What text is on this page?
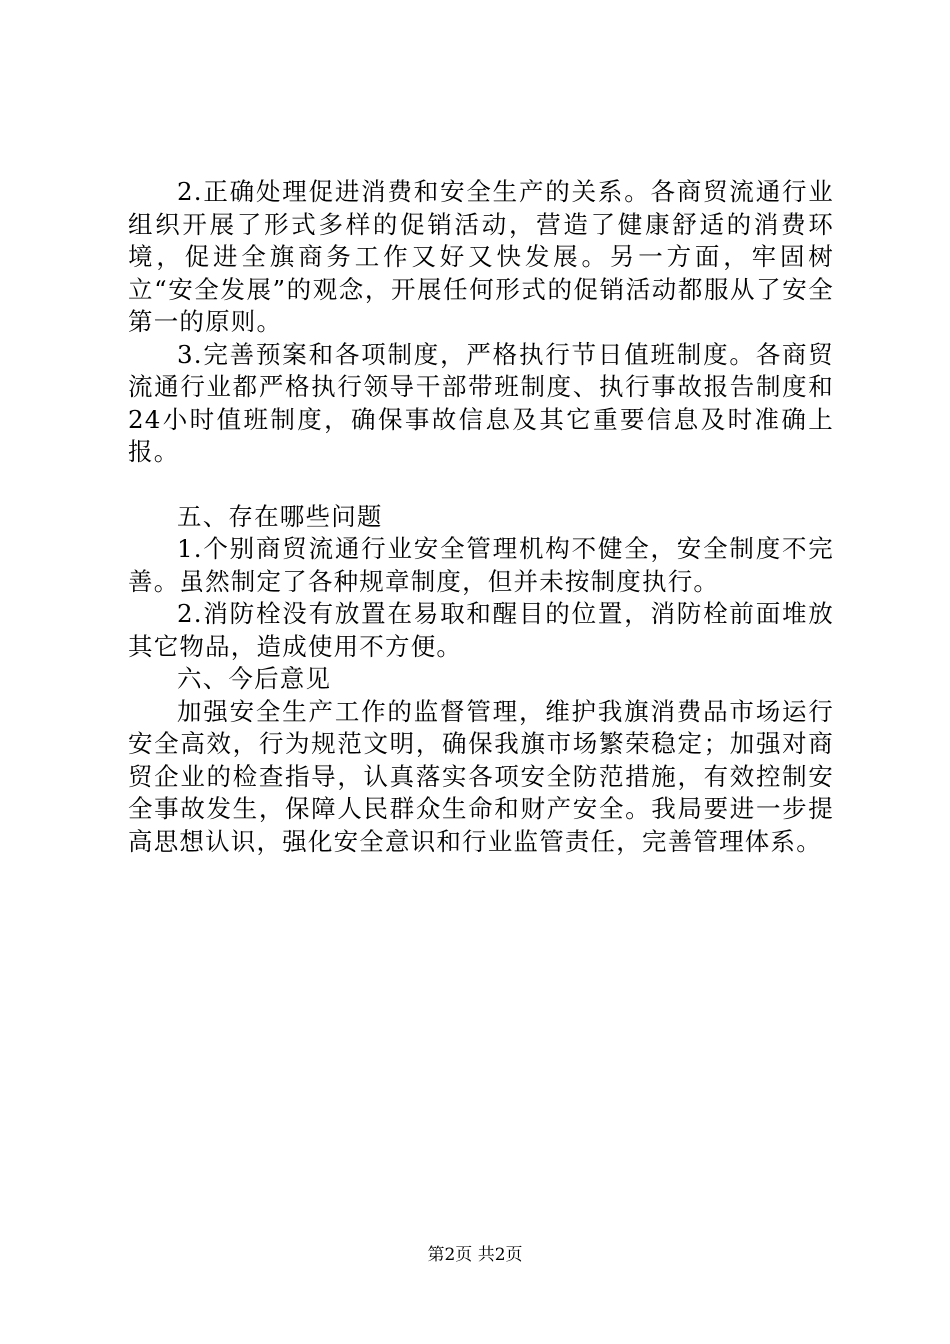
2.正确处理促进消费和安全生产的关系。各商贸流通行业组织开展了形式多样的促销活动，营造了健康舒适的消费环境，促进全旗商务工作又好又快发展。另一方面，牢固树立“安全发展”的观念，开展任何形式的促销活动都服从了安全第一的原则。

3.完善预案和各项制度，严格执行节日值班制度。各商贸流通行业都严格执行领导干部带班制度、执行事故报告制度和24小时值班制度，确保事故信息及其它重要信息及时准确上报。

五、存在哪些问题

1.个别商贸流通行业安全管理机构不健全，安全制度不完善。虽然制定了各种规章制度，但并未按制度执行。

2.消防栓没有放置在易取和醒目的位置，消防栓前面堆放其它物品，造成使用不方便。

六、今后意见

加强安全生产工作的监督管理，维护我旗消费品市场运行安全高效，行为规范文明，确保我旗市场繁荣稳定；加强对商贸企业的检查指导，认真落实各项安全防范措施，有效控制安全事故发生，保障人民群众生命和财产安全。我局要进一步提高思想认识，强化安全意识和行业监管责任，完善管理体系。

第2页 共2页
